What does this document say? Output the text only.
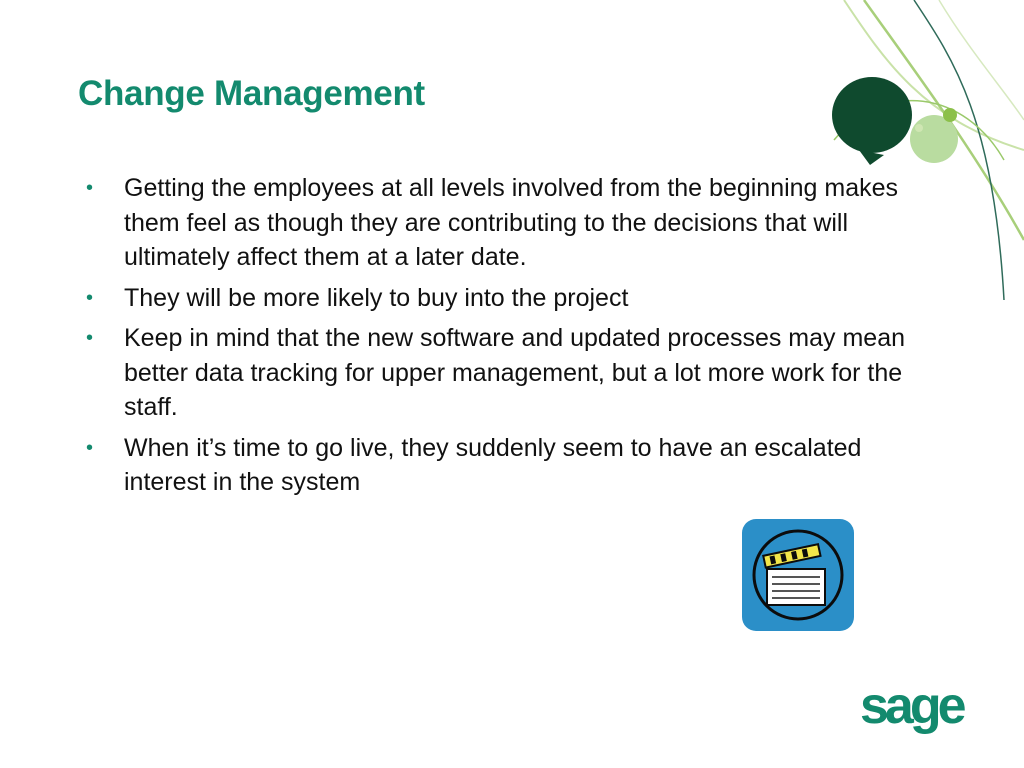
Change Management
• Getting the employees at all levels involved from the beginning makes them feel as though they are contributing to the decisions that will ultimately affect them at a later date.
• They will be more likely to buy into the project
• Keep in mind that the new software and updated processes may mean better data tracking for upper management, but a lot more work for the staff.
• When it’s time to go live, they suddenly seem to have an escalated interest in the system
sage
